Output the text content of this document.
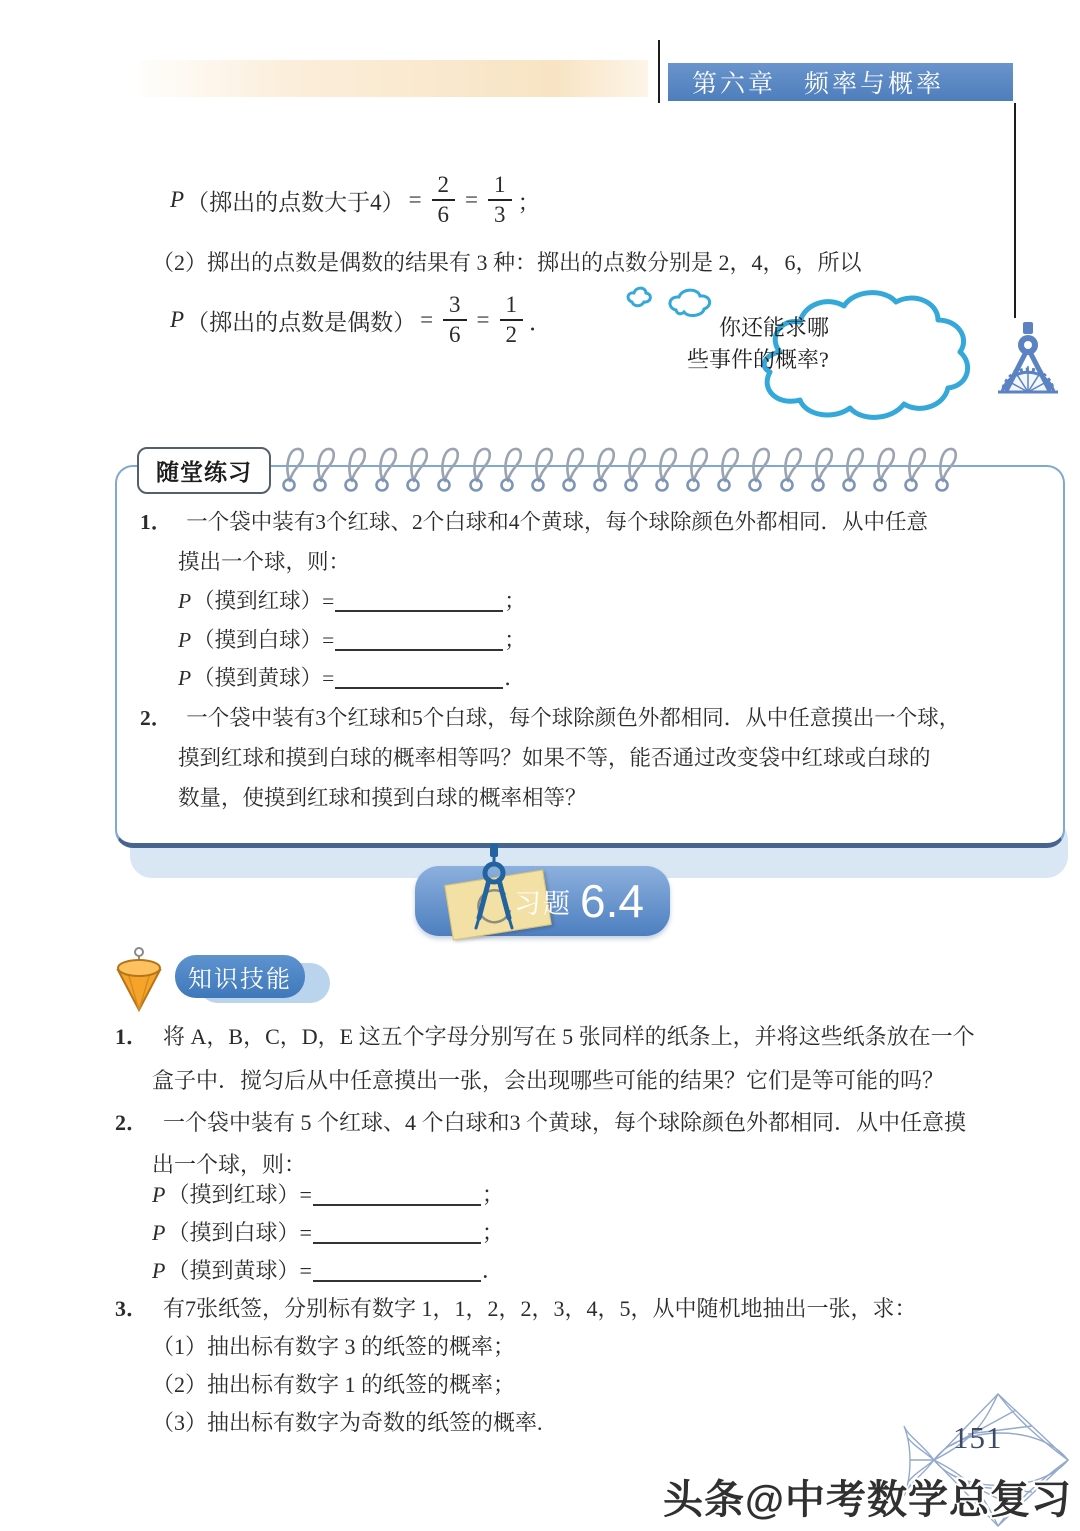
第六章　频率与概率
P （掷出的点数大于$4) = \frac{2}{6} = \frac{1}{3}$ ；
（2）掷出的点数是偶数的结果有 3 种：掷出的点数分别是 2，4，6，所以
P （掷出的点数是偶数） = $\frac{3}{6} = \frac{1}{2}$ ．	你还能求哪
些事件的概率?
随堂练习
1． 一个袋中装有3个红球、2个白球和4个黄球，每个球除颜色外都相同．从中任意
摸出一个球，则：
P（摸到红球）=	；
P（摸到白球）=	；
P（摸到黄球）=	．
2． 一个袋中装有3个红球和5个白球，每个球除颜色外都相同．从中任意摸出一个球，
摸到红球和摸到白球的概率相等吗？如果不等，能否通过改变袋中红球或白球的
数量，使摸到红球和摸到白球的概率相等？
习题 6.4
知识技能
1． 将 A，B，C，D，E 这五个字母分别写在 5 张同样的纸条上，并将这些纸条放在一个
盒子中．搅匀后从中任意摸出一张，会出现哪些可能的结果？它们是等可能的吗？
2． 一个袋中装有 5 个红球、4 个白球和3 个黄球，每个球除颜色外都相同．从中任意摸
出一个球，则：
P（摸到红球）=	；
P（摸到白球）=	；
P（摸到黄球）=	．
3． 有7张纸签，分别标有数字 1，1，2，2，3，4，5，从中随机地抽出一张，求：
（1）抽出标有数字 3 的纸签的概率；
（2）抽出标有数字 1 的纸签的概率；
（3）抽出标有数字为奇数的纸签的概率.	151
头条@中考数学总复习
